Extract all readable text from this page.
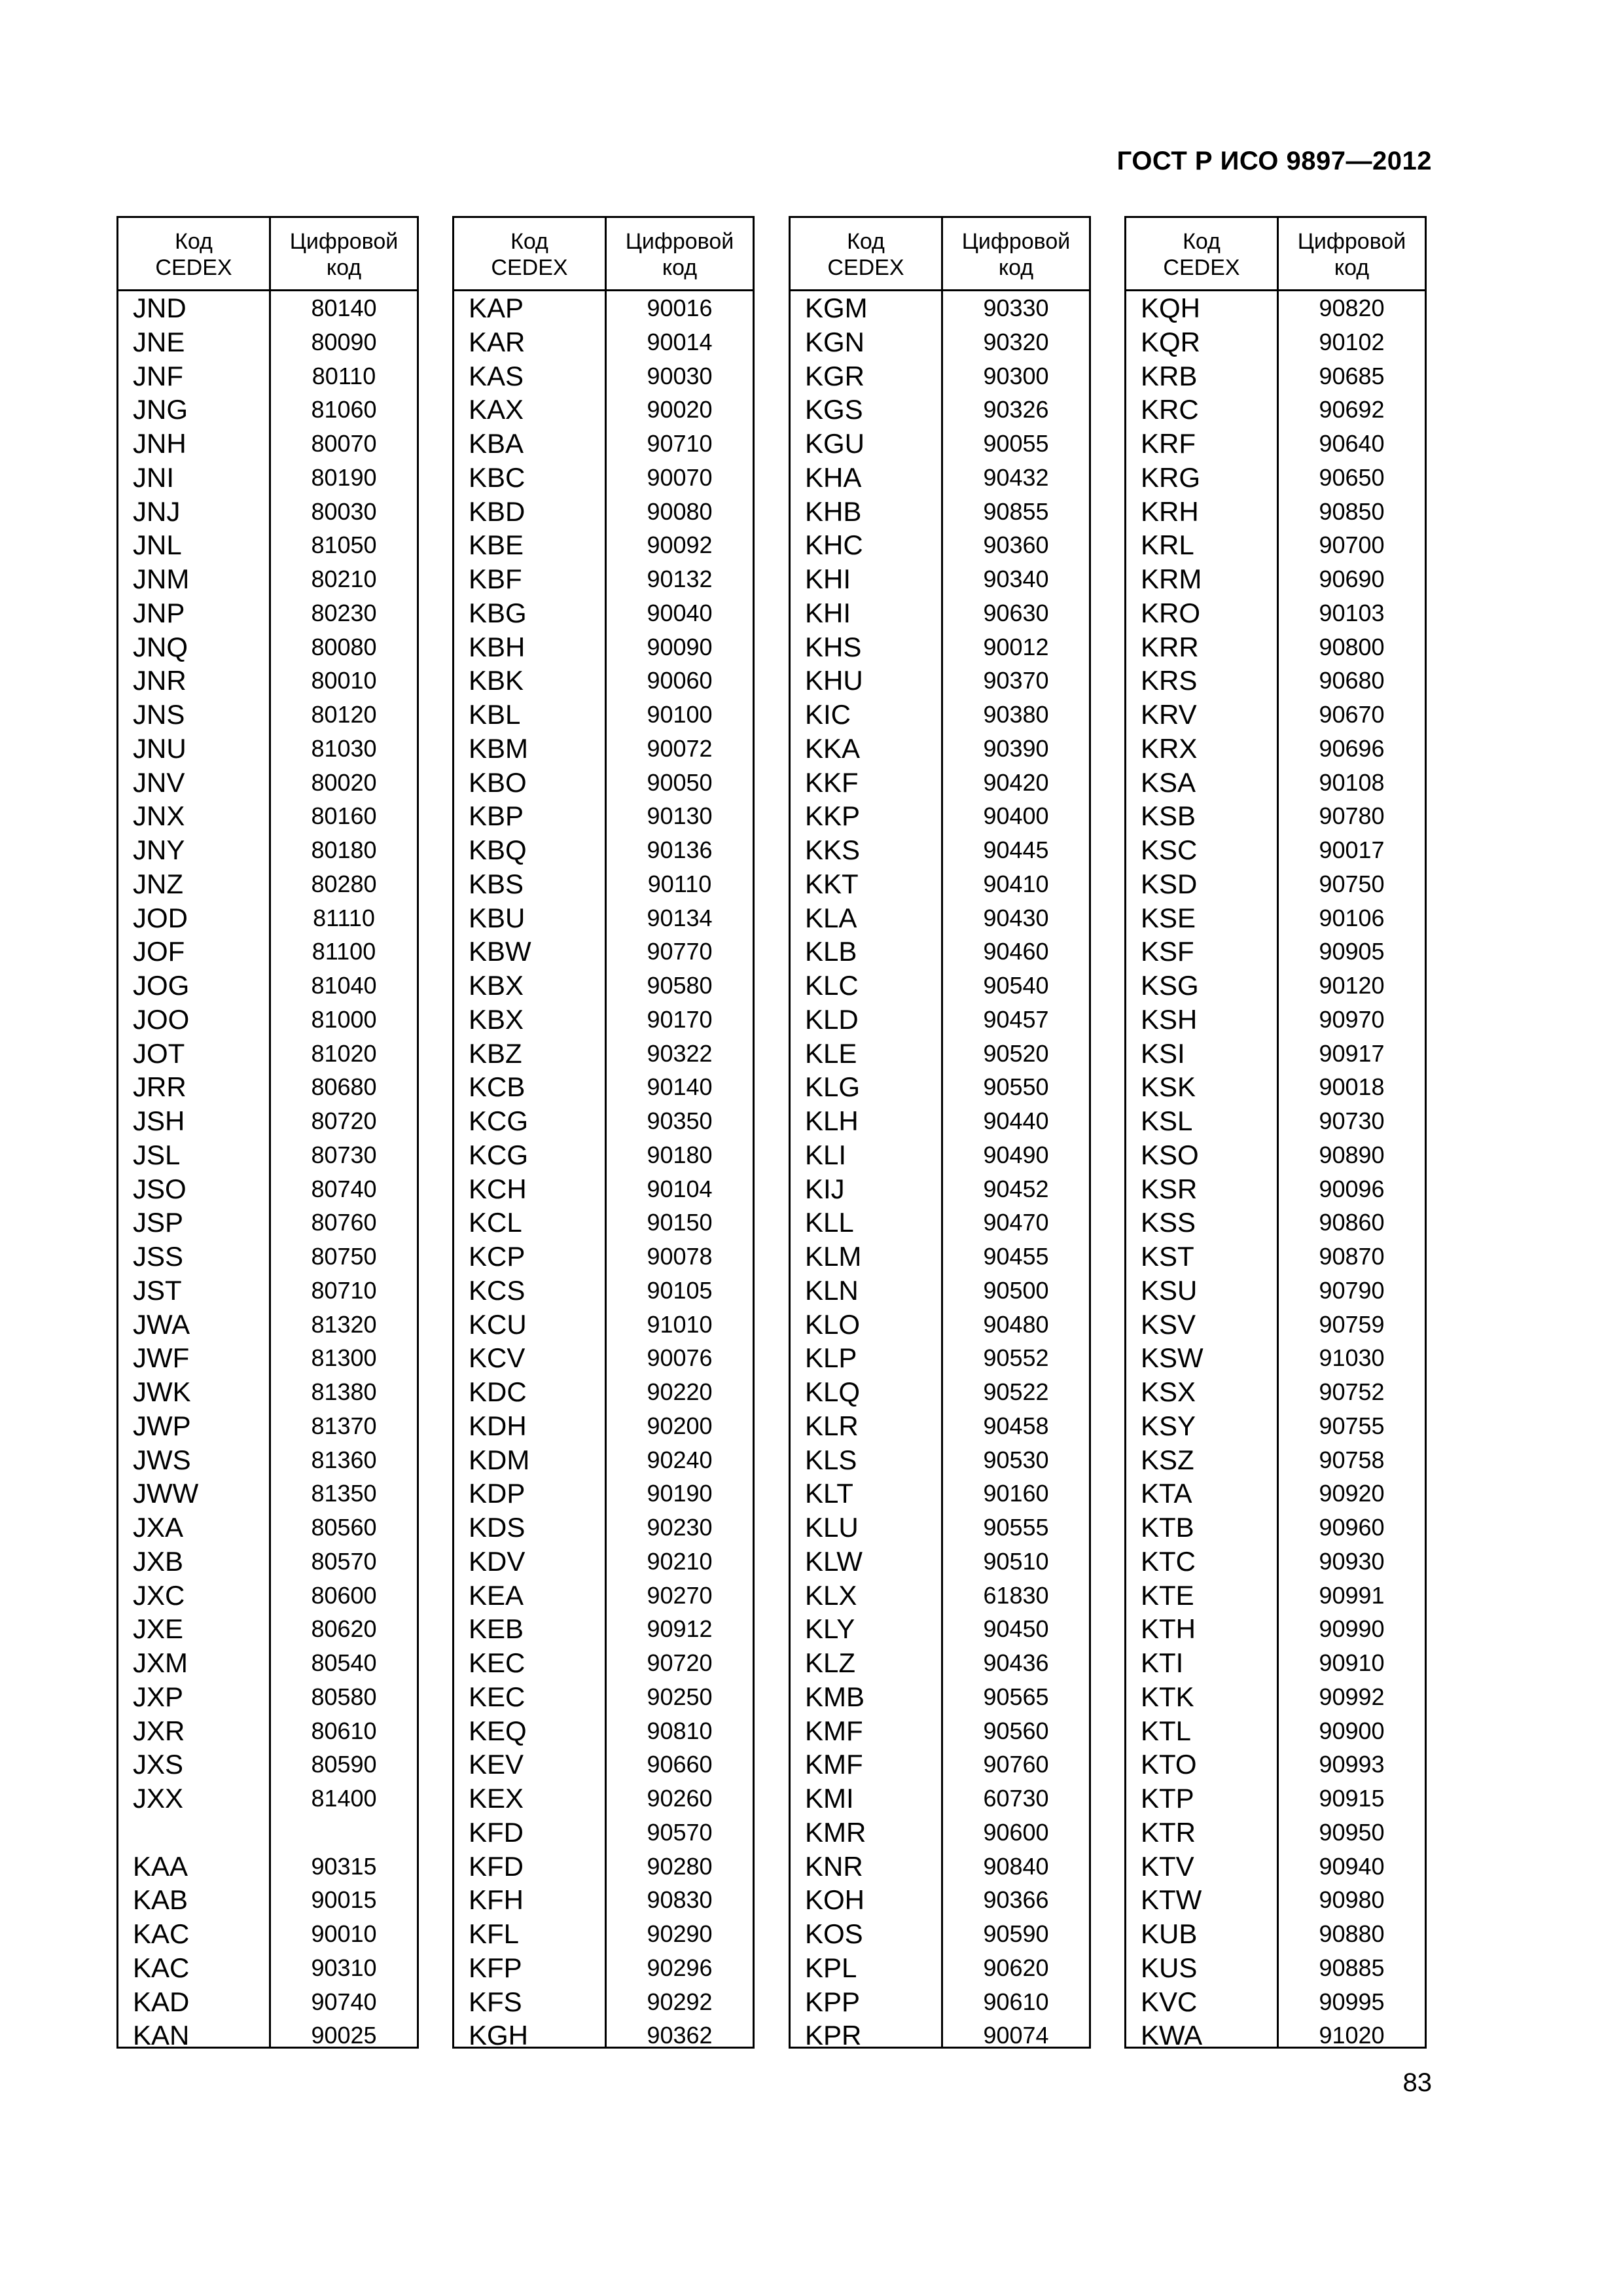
ГОСТ Р ИСО 9897—2012
Код
CEDEX
Цифровой
код
JND	80140
JNE	80090
JNF	80110
JNG	81060
JNH	80070
JNI	80190
JNJ	80030
JNL	81050
JNM	80210
JNP	80230
JNQ	80080
JNR	80010
JNS	80120
JNU	81030
JNV	80020
JNX	80160
JNY	80180
JNZ	80280
JOD	81110
JOF	81100
JOG	81040
JOO	81000
JOT	81020
JRR	80680
JSH	80720
JSL	80730
JSO	80740
JSP	80760
JSS	80750
JST	80710
JWA	81320
JWF	81300
JWK	81380
JWP	81370
JWS	81360
JWW	81350
JXA	80560
JXB	80570
JXC	80600
JXE	80620
JXM	80540
JXP	80580
JXR	80610
JXS	80590
JXX	81400
KAA	90315
KAB	90015
KAC	90010
KAC	90310
KAD	90740
KAN	90025
Код
CEDEX
Цифровой
код
KAP	90016
KAR	90014
KAS	90030
KAX	90020
KBA	90710
KBC	90070
KBD	90080
KBE	90092
KBF	90132
KBG	90040
KBH	90090
KBK	90060
KBL	90100
KBM	90072
KBO	90050
KBP	90130
KBQ	90136
KBS	90110
KBU	90134
KBW	90770
KBX	90580
KBX	90170
KBZ	90322
KCB	90140
KCG	90350
KCG	90180
KCH	90104
KCL	90150
KCP	90078
KCS	90105
KCU	91010
KCV	90076
KDC	90220
KDH	90200
KDM	90240
KDP	90190
KDS	90230
KDV	90210
KEA	90270
KEB	90912
KEC	90720
KEC	90250
KEQ	90810
KEV	90660
KEX	90260
KFD	90570
KFD	90280
KFH	90830
KFL	90290
KFP	90296
KFS	90292
KGH	90362
Код
CEDEX
Цифровой
код
KGM	90330
KGN	90320
KGR	90300
KGS	90326
KGU	90055
KHA	90432
KHB	90855
KHC	90360
KHI	90340
KHI	90630
KHS	90012
KHU	90370
KIC	90380
KKA	90390
KKF	90420
KKP	90400
KKS	90445
KKT	90410
KLA	90430
KLB	90460
KLC	90540
KLD	90457
KLE	90520
KLG	90550
KLH	90440
KLI	90490
KIJ	90452
KLL	90470
KLM	90455
KLN	90500
KLO	90480
KLP	90552
KLQ	90522
KLR	90458
KLS	90530
KLT	90160
KLU	90555
KLW	90510
KLX	61830
KLY	90450
KLZ	90436
KMB	90565
KMF	90560
KMF	90760
KMI	60730
KMR	90600
KNR	90840
KOH	90366
KOS	90590
KPL	90620
KPP	90610
KPR	90074
Код
CEDEX
Цифровой
код
KQH	90820
KQR	90102
KRB	90685
KRC	90692
KRF	90640
KRG	90650
KRH	90850
KRL	90700
KRM	90690
KRO	90103
KRR	90800
KRS	90680
KRV	90670
KRX	90696
KSA	90108
KSB	90780
KSC	90017
KSD	90750
KSE	90106
KSF	90905
KSG	90120
KSH	90970
KSI	90917
KSK	90018
KSL	90730
KSO	90890
KSR	90096
KSS	90860
KST	90870
KSU	90790
KSV	90759
KSW	91030
KSX	90752
KSY	90755
KSZ	90758
KTA	90920
KTB	90960
KTC	90930
KTE	90991
KTH	90990
KTI	90910
KTK	90992
KTL	90900
KTO	90993
KTP	90915
KTR	90950
KTV	90940
KTW	90980
KUB	90880
KUS	90885
KVC	90995
KWA	91020
83
